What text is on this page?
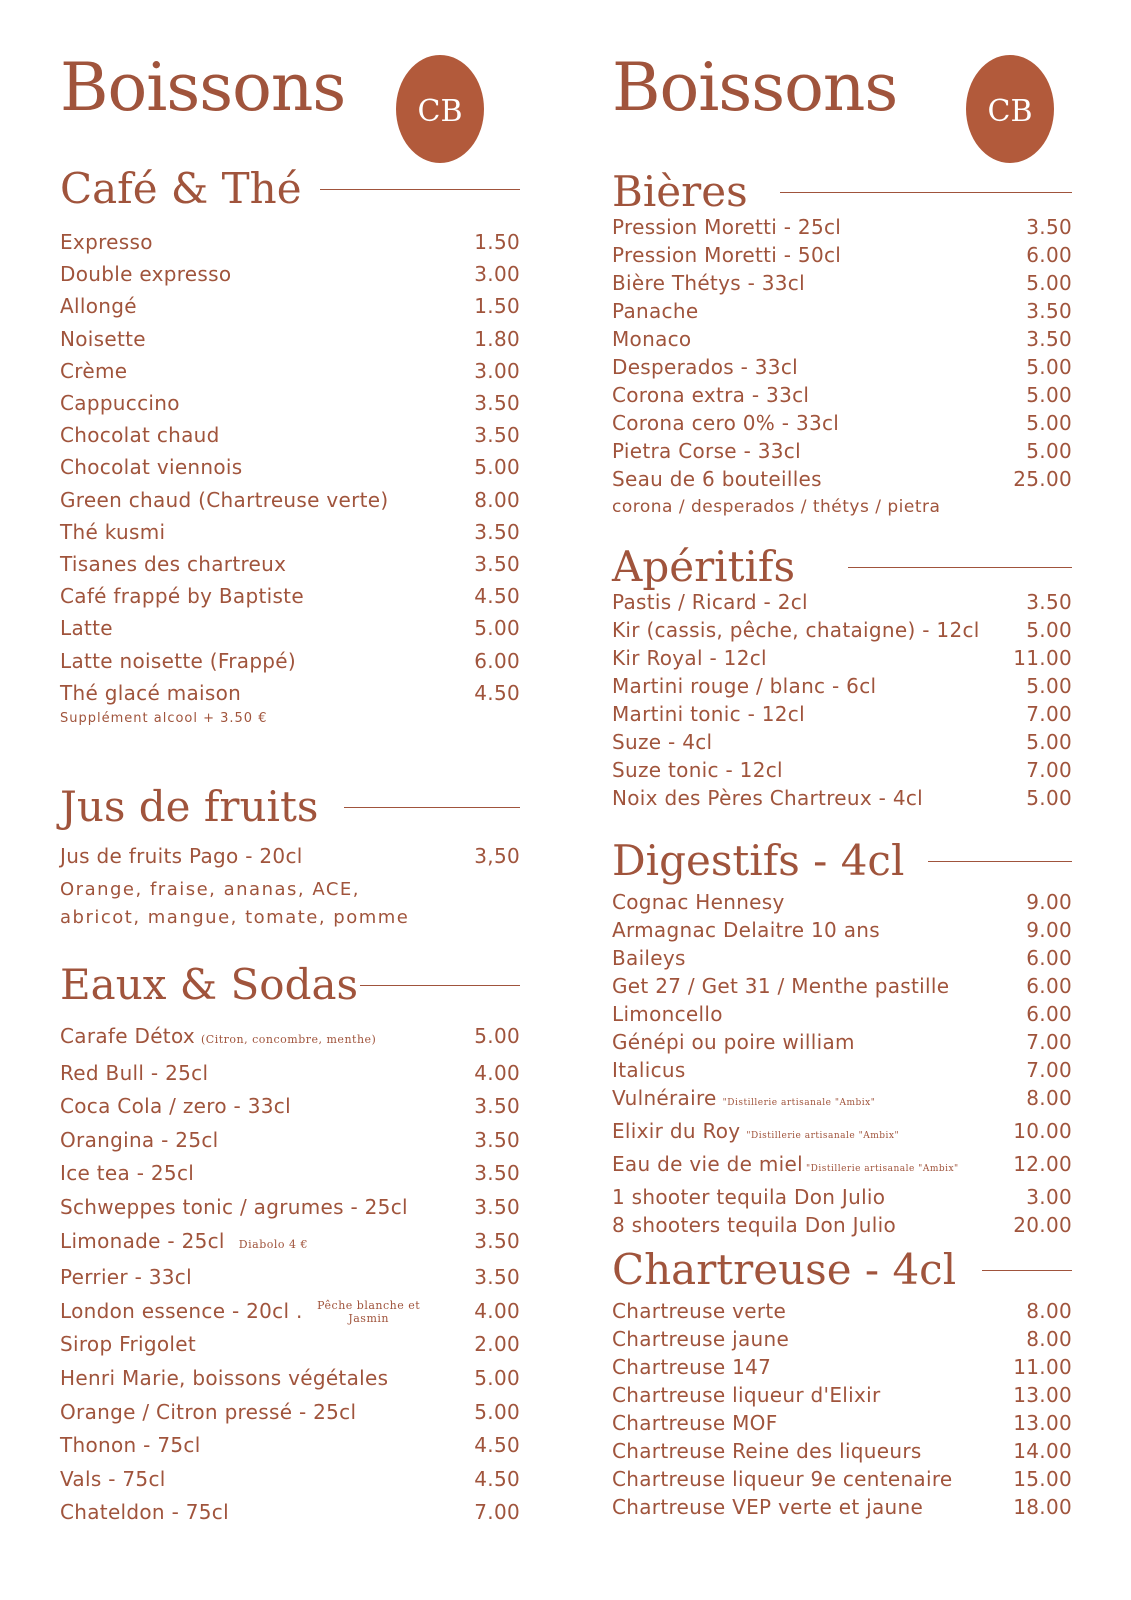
Boissons CB
Café & Thé
Expresso	1.50
Double expresso	3.00
Allongé	1.50
Noisette	1.80
Crème	3.00
Cappuccino	3.50
Chocolat chaud	3.50
Chocolat viennois	5.00
Green chaud (Chartreuse verte)	8.00
Thé kusmi	3.50
Tisanes des chartreux	3.50
Café frappé by Baptiste	4.50
Latte	5.00
Latte noisette (Frappé)	6.00
Thé glacé maison	4.50
Supplément alcool + 3.50 €
Jus de fruits
Jus de fruits Pago - 20cl	3,50
Orange, fraise, ananas, ACE,
abricot, mangue, tomate, pomme
Eaux & Sodas
Carafe Détox (Citron, concombre, menthe)	5.00
Red Bull - 25cl	4.00
Coca Cola / zero - 33cl	3.50
Orangina - 25cl	3.50
Ice tea - 25cl	3.50
Schweppes tonic / agrumes - 25cl	3.50
Limonade - 25cl Diabolo 4 €	3.50
Perrier - 33cl	3.50
London essence - 20cl .	Pêche blanche et Jasmin	4.00
Sirop Frigolet	2.00
Henri Marie, boissons végétales	5.00
Orange / Citron pressé - 25cl	5.00
Thonon - 75cl	4.50
Vals - 75cl	4.50
Chateldon - 75cl	7.00
Boissons	CB
Bières
Pression Moretti - 25cl	3.50
Pression Moretti - 50cl	6.00
Bière Thétys - 33cl	5.00
Panache	3.50
Monaco	3.50
Desperados - 33cl	5.00
Corona extra - 33cl	5.00
Corona cero 0% - 33cl	5.00
Pietra Corse - 33cl	5.00
Seau de 6 bouteilles	25.00
corona / desperados / thétys / pietra
Apéritifs
Pastis / Ricard - 2cl	3.50
Kir (cassis, pêche, chataigne) - 12cl	5.00
Kir Royal - 12cl	11.00
Martini rouge / blanc - 6cl	5.00
Martini tonic - 12cl	7.00
Suze - 4cl	5.00
Suze tonic - 12cl	7.00
Noix des Pères Chartreux - 4cl	5.00
Digestifs - 4cl
Cognac Hennesy	9.00
Armagnac Delaitre 10 ans	9.00
Baileys	6.00
Get 27 / Get 31 / Menthe pastille	6.00
Limoncello	6.00
Génépi ou poire william	7.00
Italicus	7.00
Vulnéraire "Distillerie artisanale "Ambix"	8.00
Elixir du Roy "Distillerie artisanale "Ambix"	10.00
Eau de vie de miel "Distillerie artisanale "Ambix"	12.00
1 shooter tequila Don Julio	3.00
8 shooters tequila Don Julio	20.00
Chartreuse - 4cl
Chartreuse verte	8.00
Chartreuse jaune	8.00
Chartreuse 147	11.00
Chartreuse liqueur d'Elixir	13.00
Chartreuse MOF	13.00
Chartreuse Reine des liqueurs	14.00
Chartreuse liqueur 9e centenaire	15.00
Chartreuse VEP verte et jaune	18.00
